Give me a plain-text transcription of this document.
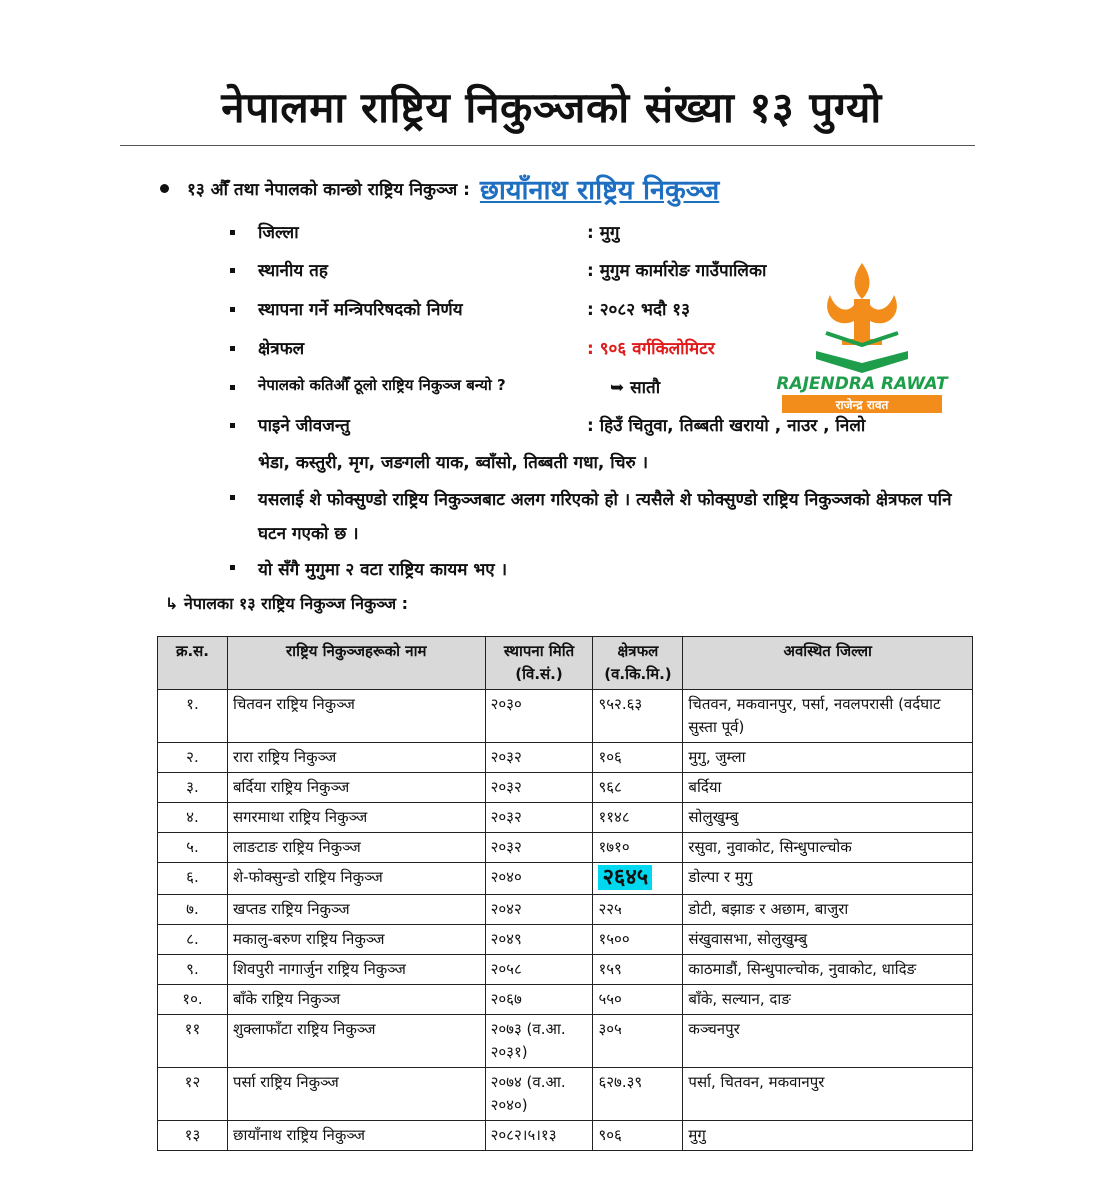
नेपालमा राष्ट्रिय निकुञ्जको संख्या १३ पुग्यो
१३ औँ तथा नेपालको कान्छो राष्ट्रिय निकुञ्ज : छायाँनाथ राष्ट्रिय निकुञ्ज
जिल्ला	: मुगु
स्थानीय तह	: मुगुम कार्मारोङ गाउँपालिका
स्थापना गर्ने मन्त्रिपरिषदको निर्णय	: २०८२ भदौ १३
क्षेत्रफल	: ९०६ वर्गकिलोमिटर
नेपालको कतिऔँ ठूलो राष्ट्रिय निकुञ्ज बन्यो ?	➥ सातौ
पाइने जीवजन्तु	: हिउँ चितुवा, तिब्बती खरायो , नाउर , निलो
भेडा, कस्तुरी, मृग, जङगली याक, ब्वाँसो, तिब्बती गधा, चिरु ।
यसलाई शे फोक्सुण्डो राष्ट्रिय निकुञ्जबाट अलग गरिएको हो । त्यसैले शे फोक्सुण्डो राष्ट्रिय निकुञ्जको क्षेत्रफल पनि घटन गएको छ ।
यो सँगै मुगुमा २ वटा राष्ट्रिय कायम भए ।
↳ नेपालका १३ राष्ट्रिय निकुञ्ज निकुञ्ज :
RAJENDRA RAWAT
राजेन्द्र रावत
क्र.स.	राष्ट्रिय निकुञ्जहरूको नाम	स्थापना मिति (वि.सं.)	क्षेत्रफल (व.कि.मि.)	अवस्थित जिल्ला
१.	चितवन राष्ट्रिय निकुञ्ज	२०३०	९५२.६३	चितवन, मकवानपुर, पर्सा, नवलपरासी (वर्दघाट सुस्ता पूर्व)
२.	रारा राष्ट्रिय निकुञ्ज	२०३२	१०६	मुगु, जुम्ला
३.	बर्दिया राष्ट्रिय निकुञ्ज	२०३२	९६८	बर्दिया
४.	सगरमाथा राष्ट्रिय निकुञ्ज	२०३२	११४८	सोलुखुम्बु
५.	लाङटाङ राष्ट्रिय निकुञ्ज	२०३२	१७१०	रसुवा, नुवाकोट, सिन्धुपाल्चोक
६.	शे-फोक्सुन्डो राष्ट्रिय निकुञ्ज	२०४०	२६४५	डोल्पा र मुगु
७.	खप्तड राष्ट्रिय निकुञ्ज	२०४२	२२५	डोटी, बझाङ र अछाम, बाजुरा
८.	मकालु-बरुण राष्ट्रिय निकुञ्ज	२०४९	१५००	संखुवासभा, सोलुखुम्बु
९.	शिवपुरी नागार्जुन राष्ट्रिय निकुञ्ज	२०५८	१५९	काठमाडौं, सिन्धुपाल्चोक, नुवाकोट, धादिङ
१०.	बाँके राष्ट्रिय निकुञ्ज	२०६७	५५०	बाँके, सल्यान, दाङ
११	शुक्लाफाँटा राष्ट्रिय निकुञ्ज	२०७३ (व.आ. २०३१)	३०५	कञ्चनपुर
१२	पर्सा राष्ट्रिय निकुञ्ज	२०७४ (व.आ. २०४०)	६२७.३९	पर्सा, चितवन, मकवानपुर
१३	छायाँनाथ राष्ट्रिय निकुञ्ज	२०८२।५।१३	९०६	मुगु
